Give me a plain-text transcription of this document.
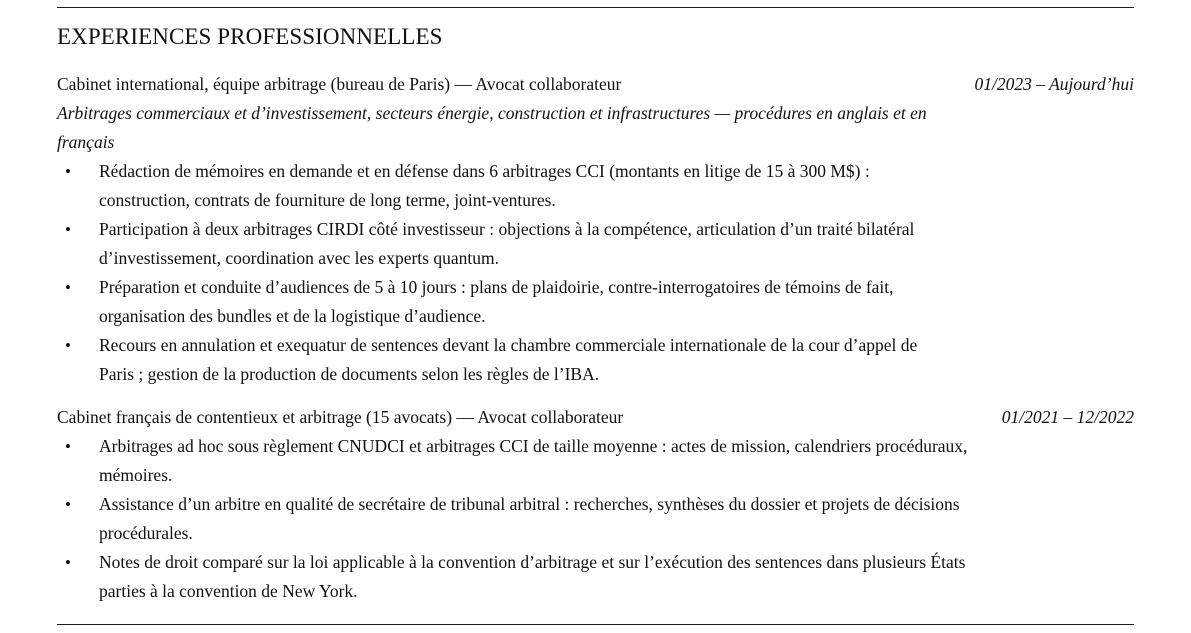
EXPERIENCES PROFESSIONNELLES
Cabinet international, équipe arbitrage (bureau de Paris) — Avocat collaborateur	01/2023 – Aujourd’hui

Arbitrages commerciaux et d’investissement, secteurs énergie, construction et infrastructures — procédures en anglais et en français

• Rédaction de mémoires en demande et en défense dans 6 arbitrages CCI (montants en litige de 15 à 300 M$) : construction, contrats de fourniture de long terme, joint-ventures.
• Participation à deux arbitrages CIRDI côté investisseur : objections à la compétence, articulation d’un traité bilatéral d’investissement, coordination avec les experts quantum.
• Préparation et conduite d’audiences de 5 à 10 jours : plans de plaidoirie, contre-interrogatoires de témoins de fait, organisation des bundles et de la logistique d’audience.
• Recours en annulation et exequatur de sentences devant la chambre commerciale internationale de la cour d’appel de Paris ; gestion de la production de documents selon les règles de l’IBA.
Cabinet français de contentieux et arbitrage (15 avocats) — Avocat collaborateur	01/2021 – 12/2022
• Arbitrages ad hoc sous règlement CNUDCI et arbitrages CCI de taille moyenne : actes de mission, calendriers procéduraux, mémoires.
• Assistance d’un arbitre en qualité de secrétaire de tribunal arbitral : recherches, synthèses du dossier et projets de décisions procédurales.
• Notes de droit comparé sur la loi applicable à la convention d’arbitrage et sur l’exécution des sentences dans plusieurs États parties à la convention de New York.
